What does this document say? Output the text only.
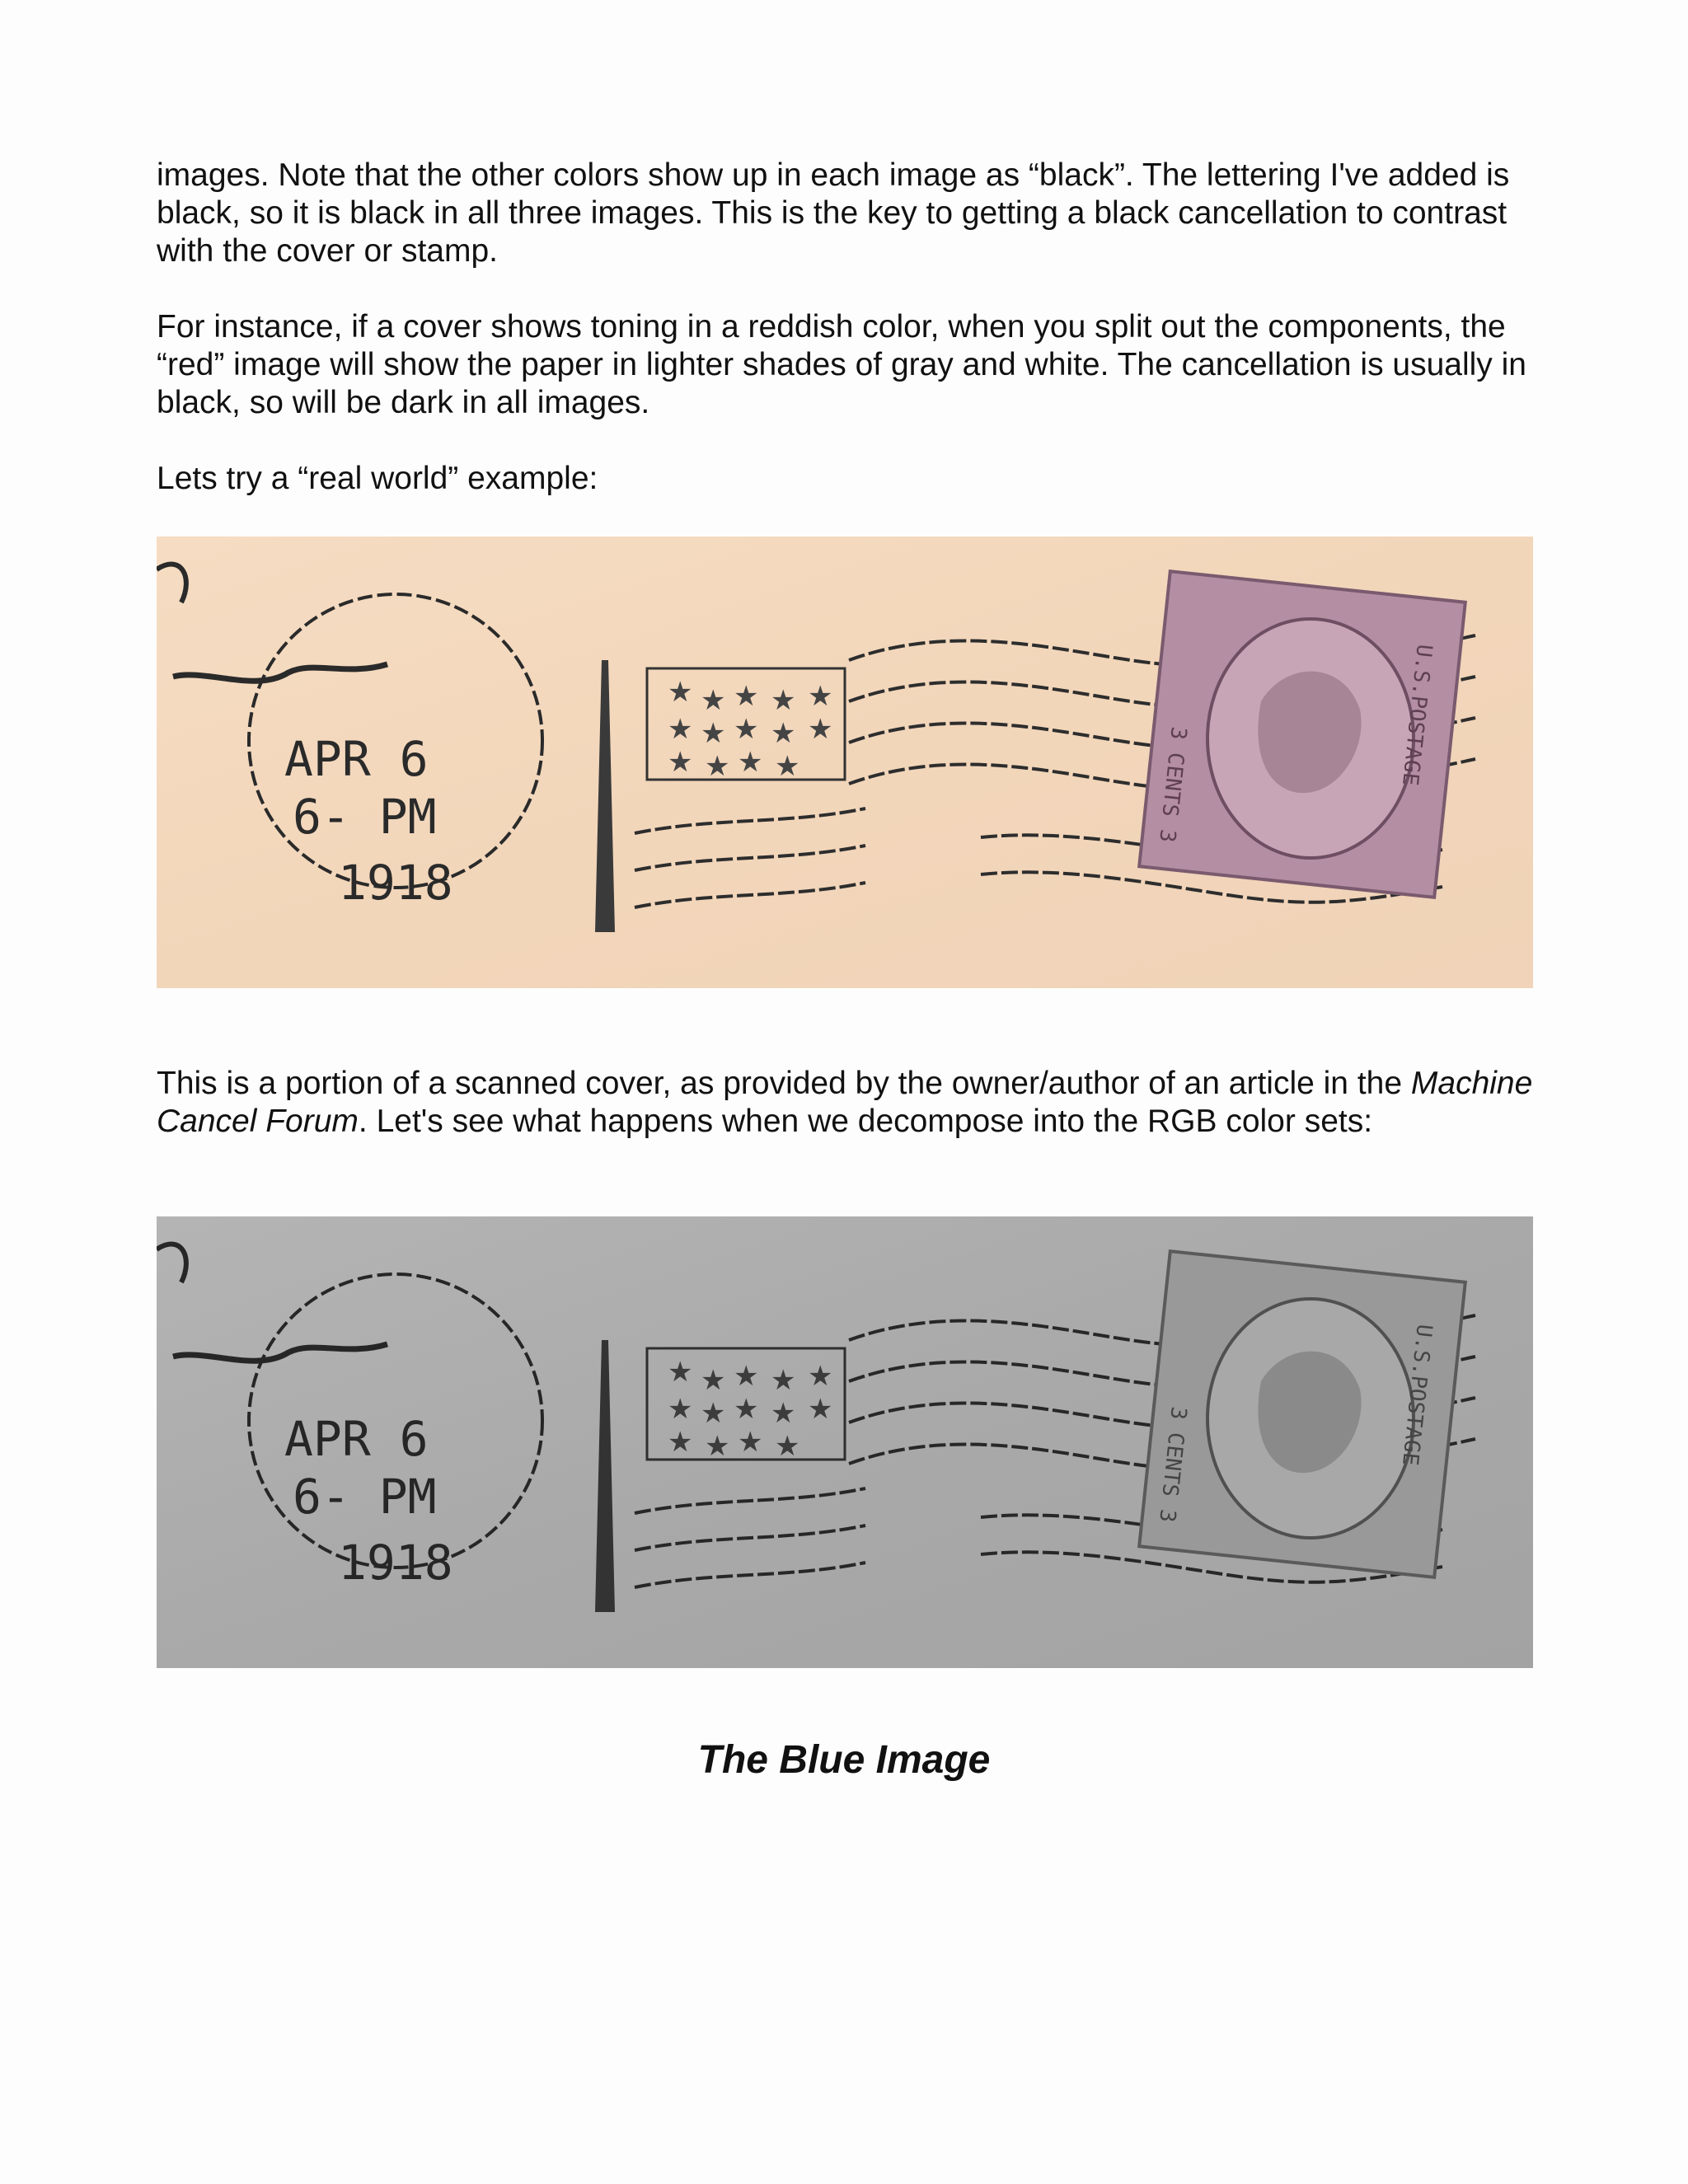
images. Note that the other colors show up in each image as “black”. The lettering I've added is black, so it is black in all three images. This is the key to getting a black cancellation to contrast with the cover or stamp.

For instance, if a cover shows toning in a reddish color, when you split out the components, the “red” image will show the paper in lighter shades of gray and white. The cancellation is usually in black, so will be dark in all images.

Lets try a “real world” example:

APR 6
6- PM
1918
★ ★ ★ ★ ★
★ ★ ★ ★ ★
★ ★ ★ ★	3 CENTS 3	U.S.POSTAGE

This is a portion of a scanned cover, as provided by the owner/author of an article in the Machine Cancel Forum. Let's see what happens when we decompose into the RGB color sets:

APR 6
6- PM
1918
★ ★ ★ ★ ★
★ ★ ★ ★ ★
★ ★ ★ ★	3 CENTS 3	U.S.POSTAGE

The Blue Image
